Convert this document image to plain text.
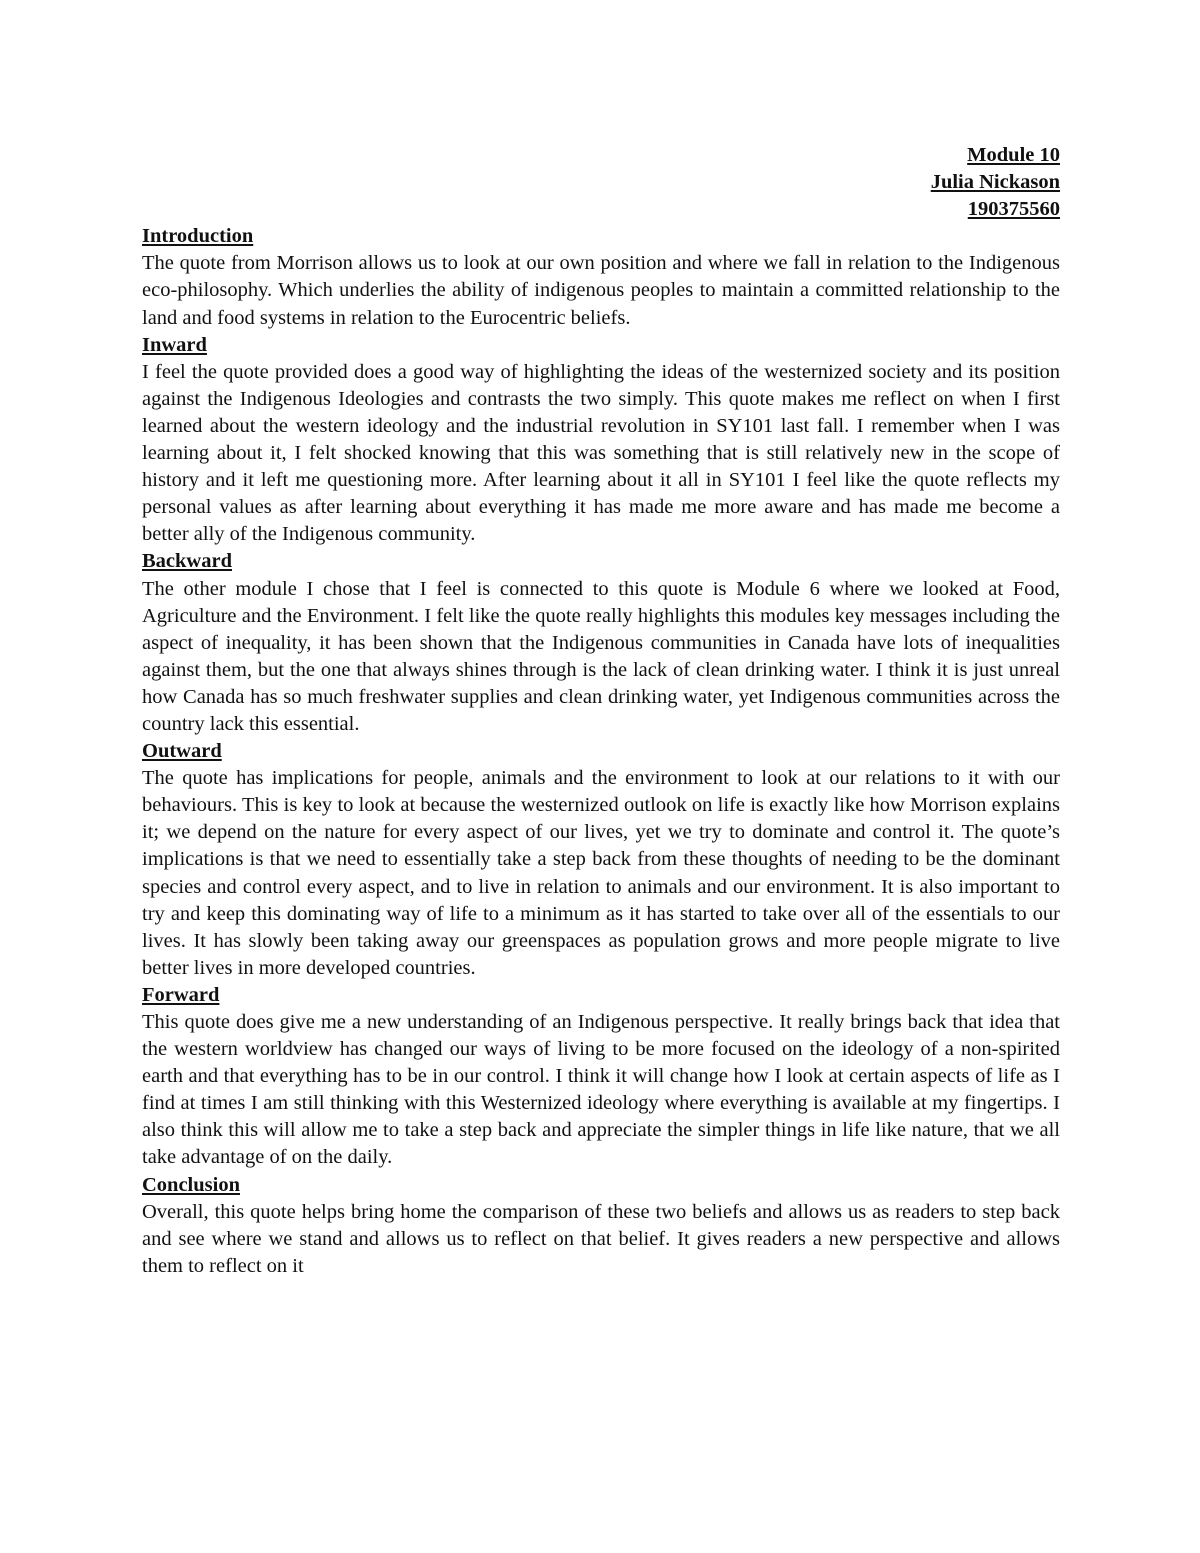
Module 10
Julia Nickason
190375560
Introduction

The quote from Morrison allows us to look at our own position and where we fall in relation to the Indigenous eco-philosophy. Which underlies the ability of indigenous peoples to maintain a committed relationship to the land and food systems in relation to the Eurocentric beliefs.

Inward

I feel the quote provided does a good way of highlighting the ideas of the westernized society and its position against the Indigenous Ideologies and contrasts the two simply. This quote makes me reflect on when I first learned about the western ideology and the industrial revolution in SY101 last fall. I remember when I was learning about it, I felt shocked knowing that this was something that is still relatively new in the scope of history and it left me questioning more. After learning about it all in SY101 I feel like the quote reflects my personal values as after learning about everything it has made me more aware and has made me become a better ally of the Indigenous community.

Backward

The other module I chose that I feel is connected to this quote is Module 6 where we looked at Food, Agriculture and the Environment. I felt like the quote really highlights this modules key messages including the aspect of inequality, it has been shown that the Indigenous communities in Canada have lots of inequalities against them, but the one that always shines through is the lack of clean drinking water. I think it is just unreal how Canada has so much freshwater supplies and clean drinking water, yet Indigenous communities across the country lack this essential.

Outward

The quote has implications for people, animals and the environment to look at our relations to it with our behaviours. This is key to look at because the westernized outlook on life is exactly like how Morrison explains it; we depend on the nature for every aspect of our lives, yet we try to dominate and control it. The quote’s implications is that we need to essentially take a step back from these thoughts of needing to be the dominant species and control every aspect, and to live in relation to animals and our environment. It is also important to try and keep this dominating way of life to a minimum as it has started to take over all of the essentials to our lives. It has slowly been taking away our greenspaces as population grows and more people migrate to live better lives in more developed countries.

Forward

This quote does give me a new understanding of an Indigenous perspective. It really brings back that idea that the western worldview has changed our ways of living to be more focused on the ideology of a non-spirited earth and that everything has to be in our control. I think it will change how I look at certain aspects of life as I find at times I am still thinking with this Westernized ideology where everything is available at my fingertips. I also think this will allow me to take a step back and appreciate the simpler things in life like nature, that we all take advantage of on the daily.

Conclusion

Overall, this quote helps bring home the comparison of these two beliefs and allows us as readers to step back and see where we stand and allows us to reflect on that belief. It gives readers a new perspective and allows them to reflect on it
